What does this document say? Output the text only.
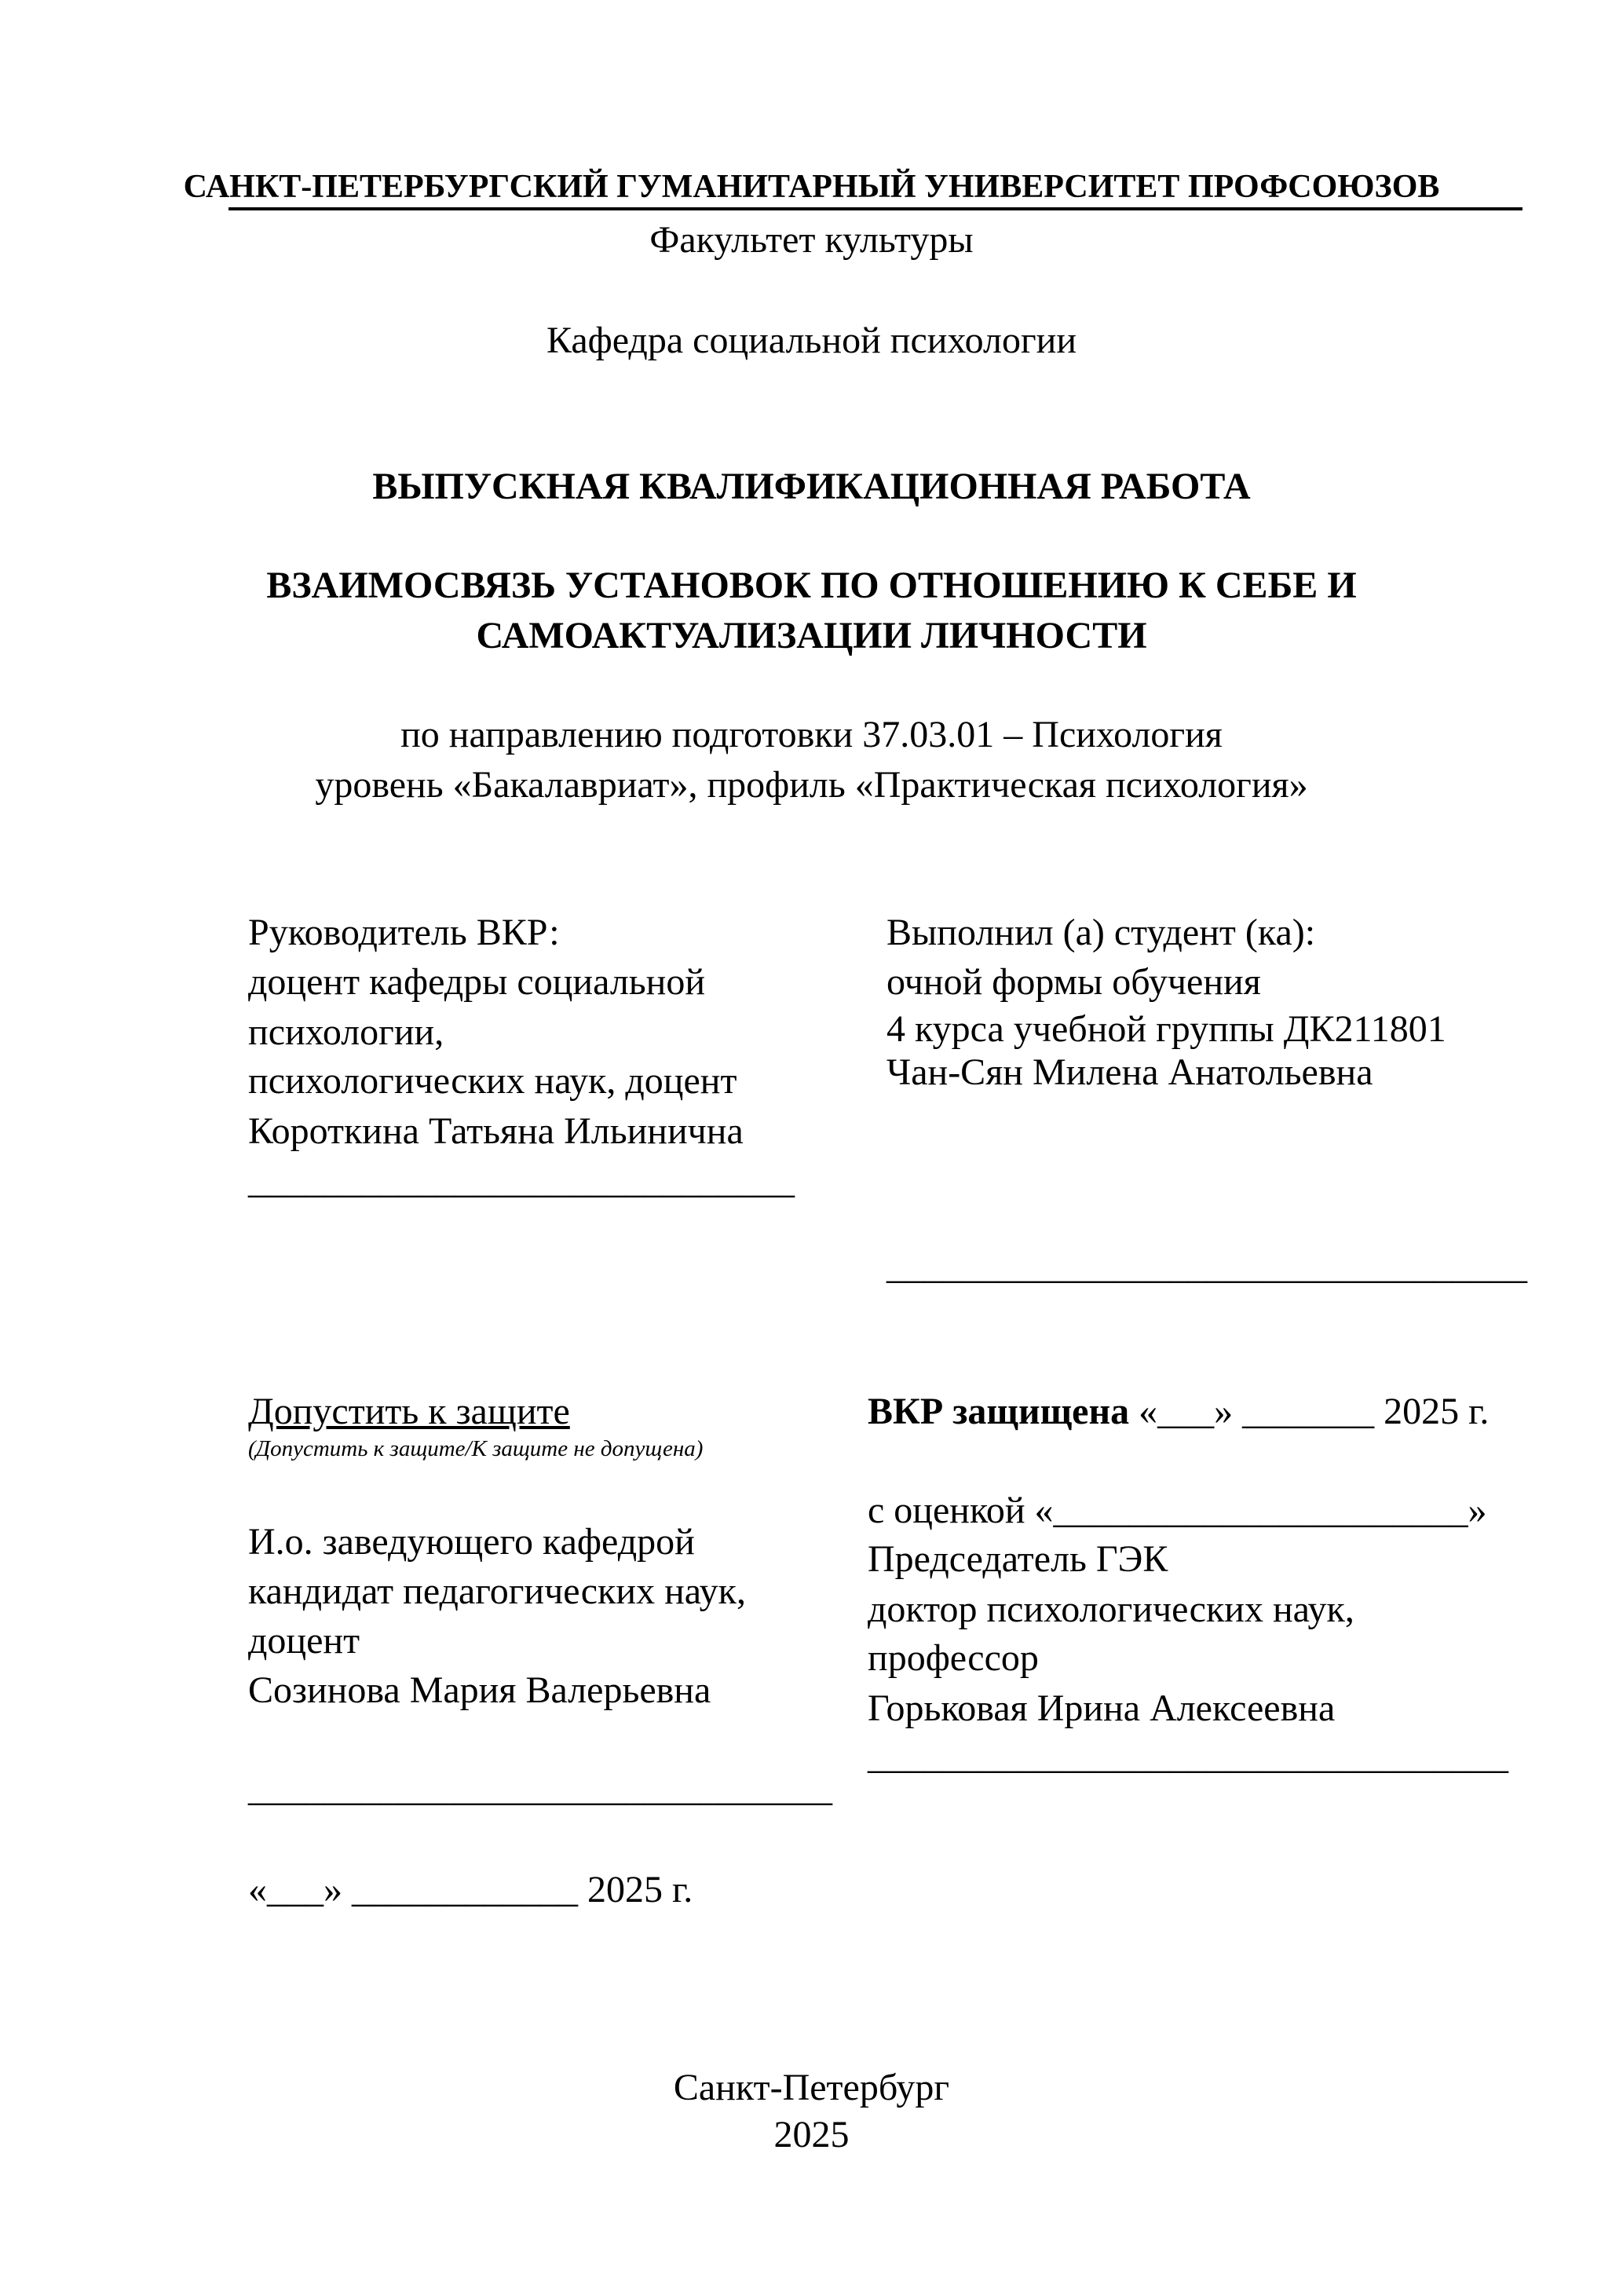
САНКТ-ПЕТЕРБУРГСКИЙ ГУМАНИТАРНЫЙ УНИВЕРСИТЕТ ПРОФСОЮЗОВ
Факультет культуры
Кафедра социальной психологии
ВЫПУСКНАЯ КВАЛИФИКАЦИОННАЯ РАБОТА
ВЗАИМОСВЯЗЬ УСТАНОВОК ПО ОТНОШЕНИЮ К СЕБЕ И
САМОАКТУАЛИЗАЦИИ ЛИЧНОСТИ
по направлению подготовки 37.03.01 – Психология
уровень «Бакалавриат», профиль «Практическая психология»
Руководитель ВКР:
доцент кафедры социальной
психологии,
психологических наук, доцент
Короткина Татьяна Ильинична
_____________________________
Выполнил (а) студент (ка):
очной формы обучения
4 курса учебной группы ДК211801
Чан-Сян Милена Анатольевна
__________________________________
Допустить к защите
(Допустить к защите/К защите не допущена)
И.о. заведующего кафедрой
кандидат педагогических наук,
доцент
Созинова Мария Валерьевна
_______________________________
«___» ____________ 2025 г.
ВКР защищена «___» _______ 2025 г.
с оценкой «______________________»
Председатель ГЭК
доктор психологических наук,
профессор
Горьковая Ирина Алексеевна
__________________________________
Санкт-Петербург
2025
